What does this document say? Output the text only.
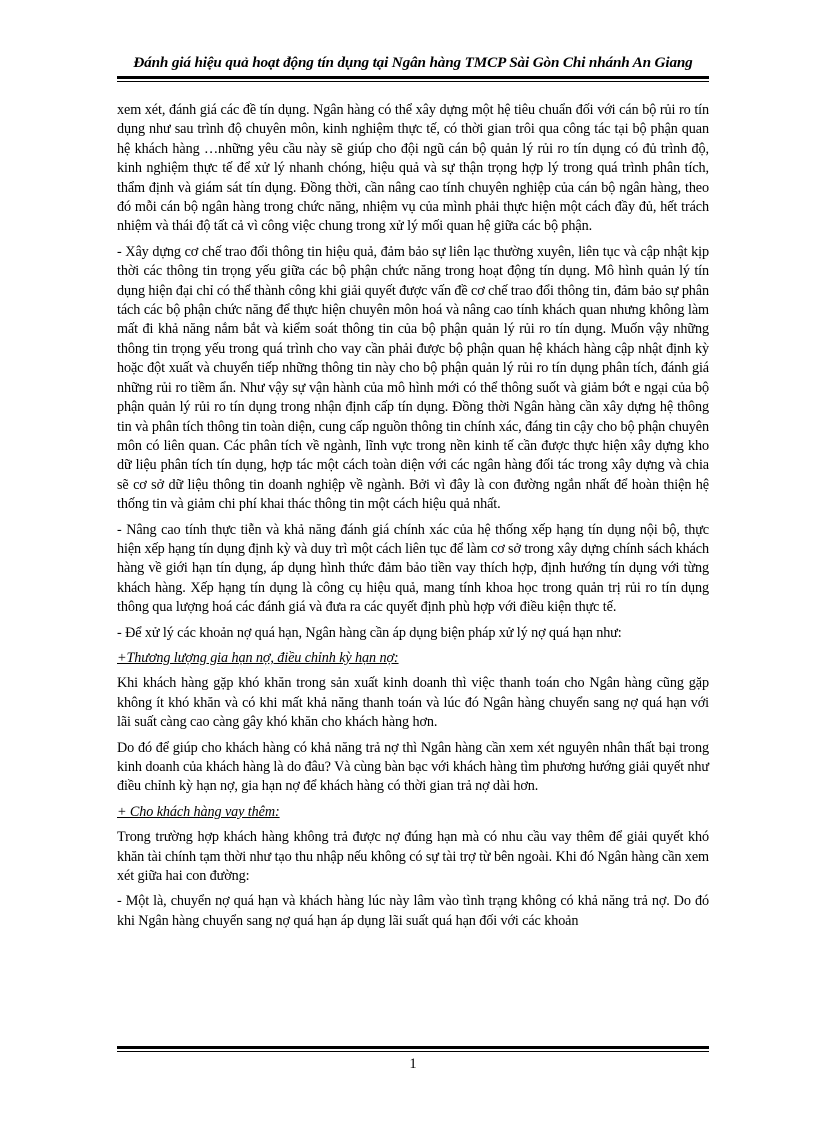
Đánh giá hiệu quả hoạt động tín dụng tại Ngân hàng TMCP Sài Gòn Chi nhánh An Giang

xem xét, đánh giá các đề tín dụng. Ngân hàng có thể xây dựng một hệ tiêu chuẩn đối với cán bộ rủi ro tín dụng như sau trình độ chuyên môn, kinh nghiệm thực tế, có thời gian trôi qua công tác tại bộ phận quan hệ khách hàng …những yêu cầu này sẽ giúp cho đội ngũ cán bộ quản lý rủi ro tín dụng có đủ trình độ, kinh nghiệm thực tế để xử lý nhanh chóng, hiệu quả và sự thận trọng hợp lý trong quá trình phân tích, thẩm định và giám sát tín dụng. Đồng thời, cần nâng cao tính chuyên nghiệp của cán bộ ngân hàng, theo đó mỗi cán bộ ngân hàng trong chức năng, nhiệm vụ của mình phải thực hiện một cách đầy đủ, hết trách nhiệm và thái độ tất cả vì công việc chung trong xử lý mối quan hệ giữa các bộ phận.

- Xây dựng cơ chế trao đổi thông tin hiệu quả, đảm bảo sự liên lạc thường xuyên, liên tục và cập nhật kịp thời các thông tin trọng yếu giữa các bộ phận chức năng trong hoạt động tín dụng. Mô hình quản lý tín dụng hiện đại chỉ có thể thành công khi giải quyết được vấn đề cơ chế trao đổi thông tin, đảm bảo sự phân tách các bộ phận chức năng để thực hiện chuyên môn hoá và nâng cao tính khách quan nhưng không làm mất đi khả năng nắm bắt và kiểm soát thông tin của bộ phận quản lý rủi ro tín dụng. Muốn vậy những thông tin trọng yếu trong quá trình cho vay cần phải được bộ phận quan hệ khách hàng cập nhật định kỳ hoặc đột xuất và chuyển tiếp những thông tin này cho bộ phận quản lý rủi ro tín dụng phân tích, đánh giá những rủi ro tiềm ẩn. Như vậy sự vận hành của mô hình mới có thể thông suốt và giảm bớt e ngại của bộ phận quản lý rủi ro tín dụng trong nhận định cấp tín dụng. Đồng thời Ngân hàng cần xây dựng hệ thông tin và phân tích thông tin toàn diện, cung cấp nguồn thông tin chính xác, đáng tin cậy cho bộ phận chuyên môn có liên quan. Các phân tích về ngành, lĩnh vực trong nền kinh tế cần được thực hiện xây dựng kho dữ liệu phân tích tín dụng, hợp tác một cách toàn diện với các ngân hàng đối tác trong xây dựng và chia sẽ cơ sở dữ liệu thông tin doanh nghiệp về ngành. Bởi vì đây là con đường ngắn nhất để hoàn thiện hệ thống tin và giảm chi phí khai thác thông tin một cách hiệu quả nhất.

- Nâng cao tính thực tiễn và khả năng đánh giá chính xác của hệ thống xếp hạng tín dụng nội bộ, thực hiện xếp hạng tín dụng định kỳ và duy trì một cách liên tục để làm cơ sở trong xây dựng chính sách khách hàng về giới hạn tín dụng, áp dụng hình thức đảm bảo tiền vay thích hợp, định hướng tín dụng với từng khách hàng. Xếp hạng tín dụng là công cụ hiệu quả, mang tính khoa học trong quản trị rủi ro tín dụng thông qua lượng hoá các đánh giá và đưa ra các quyết định phù hợp với điều kiện thực tế.

- Để xử lý các khoản nợ quá hạn, Ngân hàng cần áp dụng biện pháp xử lý nợ quá hạn như:

+Thương lượng gia hạn nợ, điều chỉnh kỳ hạn nợ:

Khi khách hàng gặp khó khăn trong sản xuất kinh doanh thì việc thanh toán cho Ngân hàng cũng gặp không ít khó khăn và có khi mất khả năng thanh toán và lúc đó Ngân hàng chuyển sang nợ quá hạn với lãi suất càng cao càng gây khó khăn cho khách hàng hơn.

Do đó để giúp cho khách hàng có khả năng trả nợ thì Ngân hàng cần xem xét nguyên nhân thất bại trong kinh doanh của khách hàng là do đâu? Và cùng bàn bạc với khách hàng tìm phương hướng giải quyết như điều chỉnh kỳ hạn nợ, gia hạn nợ để khách hàng có thời gian trả nợ dài hơn.

+ Cho khách hàng vay thêm:

Trong trường hợp khách hàng không trả được nợ đúng hạn mà có nhu cầu vay thêm để giải quyết khó khăn tài chính tạm thời như tạo thu nhập nếu không có sự tài trợ từ bên ngoài. Khi đó Ngân hàng cần xem xét giữa hai con đường:

- Một là, chuyển nợ quá hạn và khách hàng lúc này lâm vào tình trạng không có khả năng trả nợ. Do đó khi Ngân hàng chuyển sang nợ quá hạn áp dụng lãi suất quá hạn đối với các khoản

1
